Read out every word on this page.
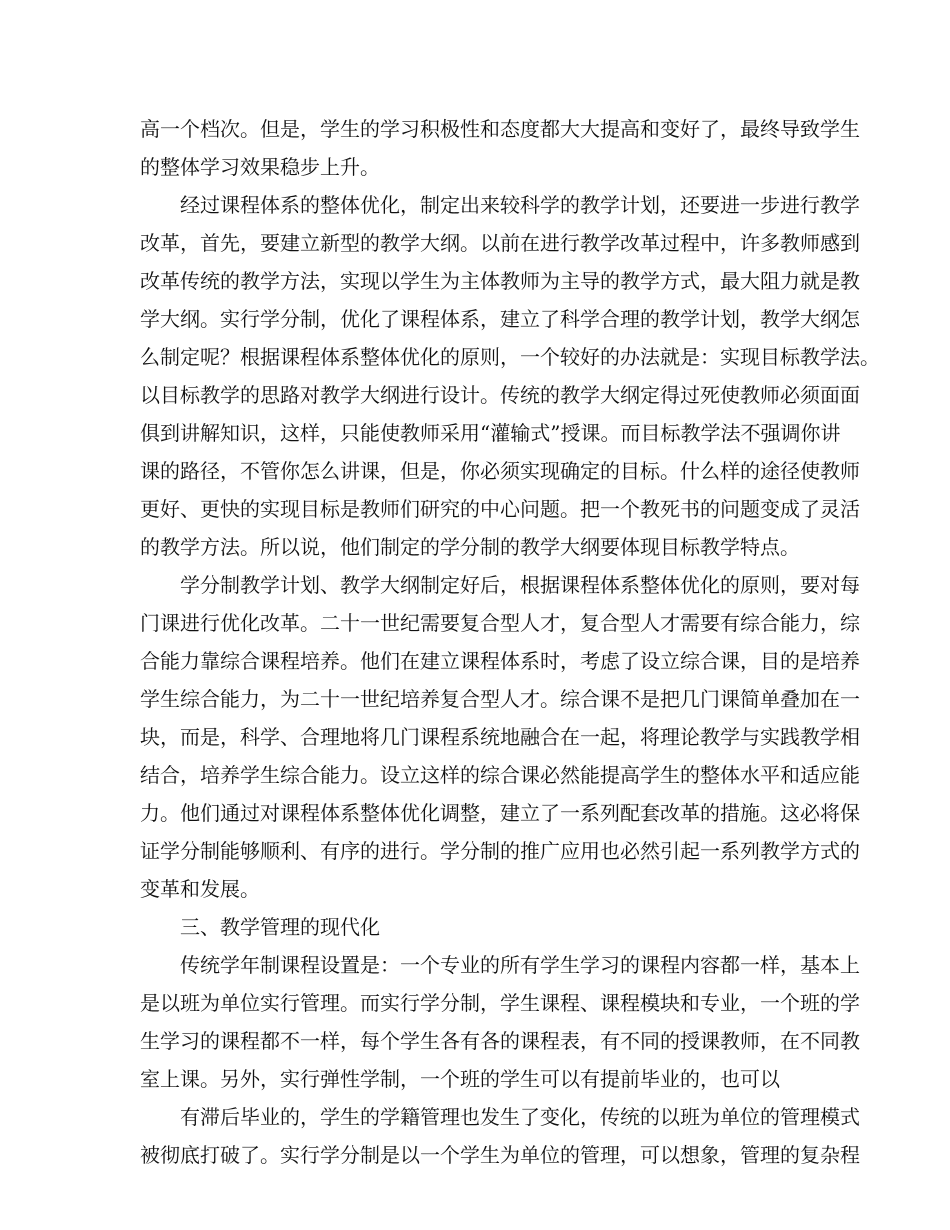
高一个档次。但是，学生的学习积极性和态度都大大提高和变好了，最终导致学生
的整体学习效果稳步上升。
经过课程体系的整体优化，制定出来较科学的教学计划，还要进一步进行教学
改革，首先，要建立新型的教学大纲。以前在进行教学改革过程中，许多教师感到
改革传统的教学方法，实现以学生为主体教师为主导的教学方式，最大阻力就是教
学大纲。实行学分制，优化了课程体系，建立了科学合理的教学计划，教学大纲怎
么制定呢？根据课程体系整体优化的原则，一个较好的办法就是：实现目标教学法。
以目标教学的思路对教学大纲进行设计。传统的教学大纲定得过死使教师必须面面
俱到讲解知识，这样，只能使教师采用“灌输式”授课。而目标教学法不强调你讲
课的路径，不管你怎么讲课，但是，你必须实现确定的目标。什么样的途径使教师
更好、更快的实现目标是教师们研究的中心问题。把一个教死书的问题变成了灵活
的教学方法。所以说，他们制定的学分制的教学大纲要体现目标教学特点。
学分制教学计划、教学大纲制定好后，根据课程体系整体优化的原则，要对每
门课进行优化改革。二十一世纪需要复合型人才，复合型人才需要有综合能力，综
合能力靠综合课程培养。他们在建立课程体系时，考虑了设立综合课，目的是培养
学生综合能力，为二十一世纪培养复合型人才。综合课不是把几门课简单叠加在一
块，而是，科学、合理地将几门课程系统地融合在一起，将理论教学与实践教学相
结合，培养学生综合能力。设立这样的综合课必然能提高学生的整体水平和适应能
力。他们通过对课程体系整体优化调整，建立了一系列配套改革的措施。这必将保
证学分制能够顺利、有序的进行。学分制的推广应用也必然引起一系列教学方式的
变革和发展。
三、教学管理的现代化
传统学年制课程设置是：一个专业的所有学生学习的课程内容都一样，基本上
是以班为单位实行管理。而实行学分制，学生课程、课程模块和专业，一个班的学
生学习的课程都不一样，每个学生各有各的课程表，有不同的授课教师，在不同教
室上课。另外，实行弹性学制，一个班的学生可以有提前毕业的，也可以
有滞后毕业的，学生的学籍管理也发生了变化，传统的以班为单位的管理模式
被彻底打破了。实行学分制是以一个学生为单位的管理，可以想象，管理的复杂程
